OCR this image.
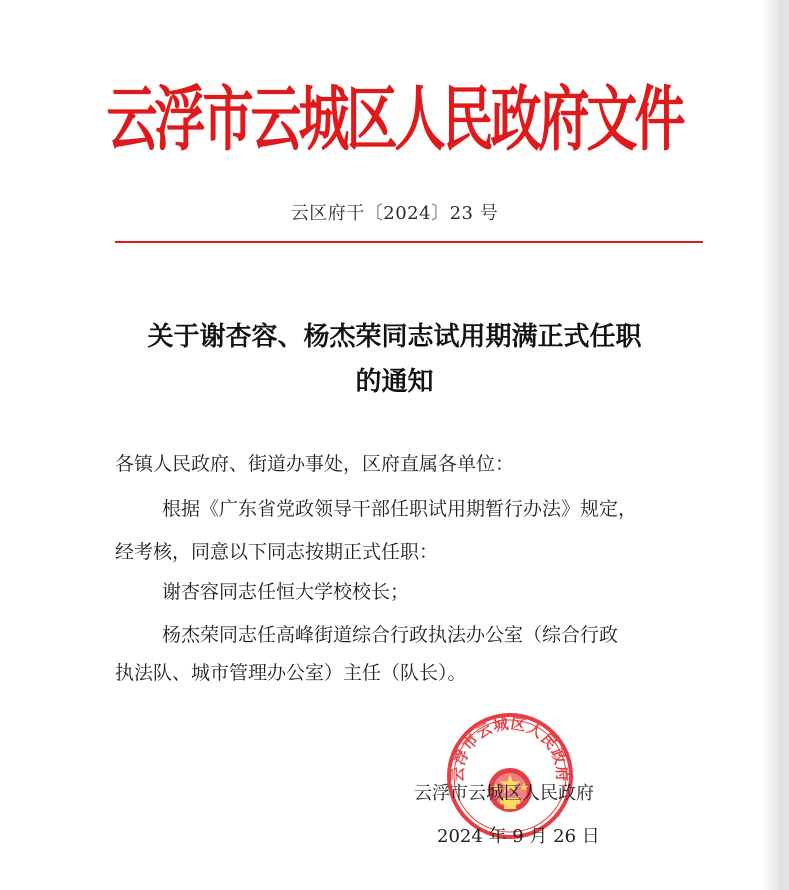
云浮市云城区人民政府文件
云区府干〔2024〕23 号
关于谢杏容、杨杰荣同志试用期满正式任职
的通知
各镇人民政府、街道办事处，区府直属各单位：
根据《广东省党政领导干部任职试用期暂行办法》规定，
经考核，同意以下同志按期正式任职：
谢杏容同志任恒大学校校长；
杨杰荣同志任高峰街道综合行政执法办公室（综合行政
执法队、城市管理办公室）主任（队长）。
云浮市云城区人民政府
云浮市云城区人民政府
2024 年 9 月 26 日
